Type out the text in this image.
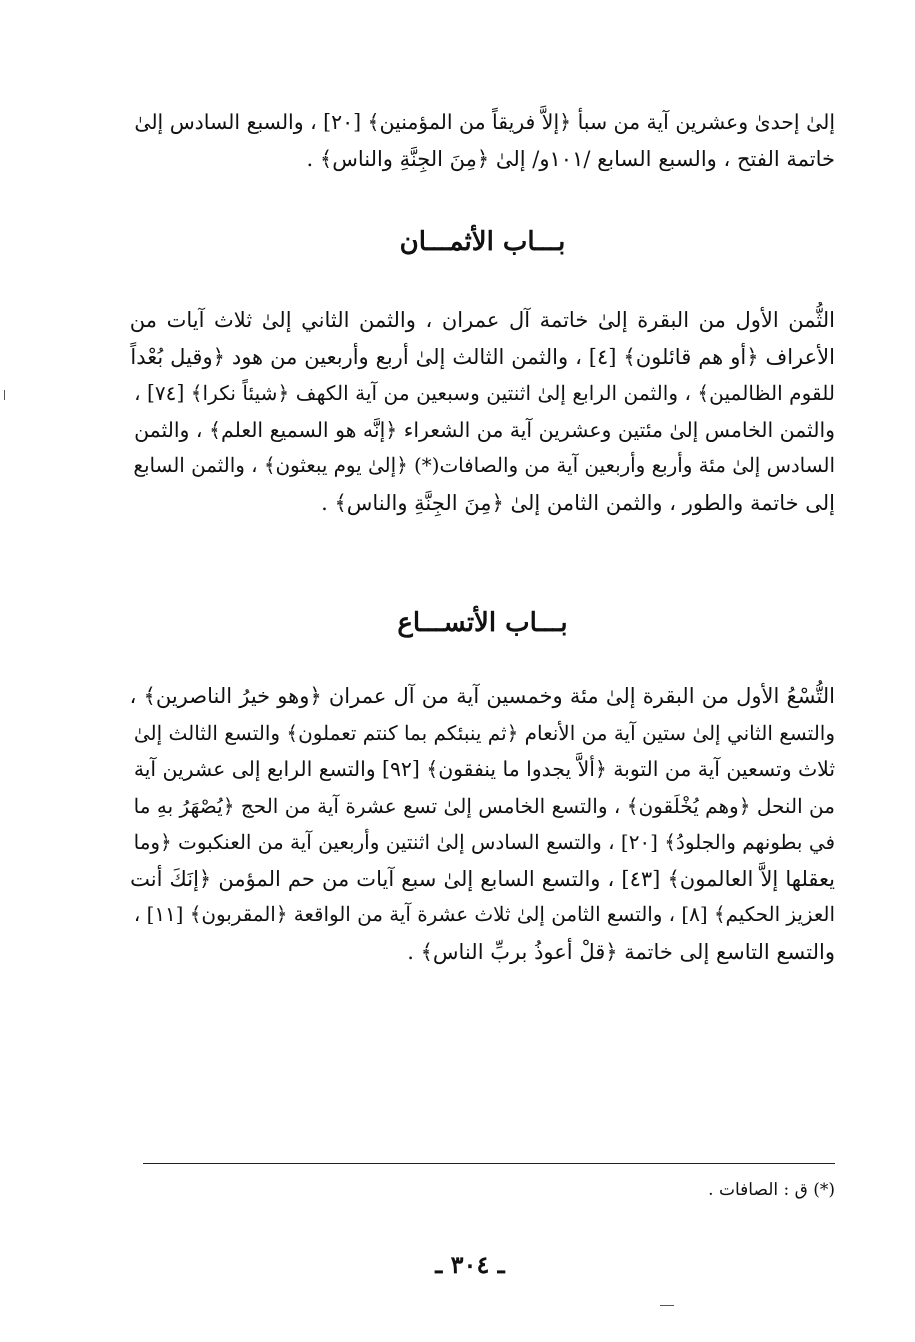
إلىٰ إحدىٰ وعشرين آية من سبأ ﴿إلاَّ فريقاً من المؤمنين﴾ [٢٠] ، والسبع السادس إلىٰ
خاتمة الفتح ، والسبع السابع /١٠١و/ إلىٰ ﴿مِنَ الجِنَّةِ والناس﴾ .
بـــاب الأثمـــان
الثُّمن الأول من البقرة إلىٰ خاتمة آل عمران ، والثمن الثاني إلىٰ ثلاث آيات من
الأعراف ﴿أو هم قائلون﴾ [٤] ، والثمن الثالث إلىٰ أربع وأربعين من هود ﴿وقيل بُعْداً
للقوم الظالمين﴾ ، والثمن الرابع إلىٰ اثنتين وسبعين من آية الكهف ﴿شيئاً نكرا﴾ [٧٤] ،
والثمن الخامس إلىٰ مئتين وعشرين آية من الشعراء ﴿إنَّه هو السميع العلم﴾ ، والثمن
السادس إلىٰ مئة وأربع وأربعين آية من والصافات(*) ﴿إلىٰ يوم يبعثون﴾ ، والثمن السابع
إلى خاتمة والطور ، والثمن الثامن إلىٰ ﴿مِنَ الجِنَّةِ والناس﴾ .
بـــاب الأتســـاع
التُّسْعُ الأول من البقرة إلىٰ مئة وخمسين آية من آل عمران ﴿وهو خيرُ الناصرين﴾ ،
والتسع الثاني إلىٰ ستين آية من الأنعام ﴿ثم ينبئكم بما كنتم تعملون﴾ والتسع الثالث إلىٰ
ثلاث وتسعين آية من التوبة ﴿ألاَّ يجدوا ما ينفقون﴾ [٩٢] والتسع الرابع إلى عشرين آية
من النحل ﴿وهم يُخْلَقون﴾ ، والتسع الخامس إلىٰ تسع عشرة آية من الحج ﴿يُصْهَرُ بهِ ما
في بطونهم والجلودُ﴾ [٢٠] ، والتسع السادس إلىٰ اثنتين وأربعين آية من العنكبوت ﴿وما
يعقلها إلاَّ العالمون﴾ [٤٣] ، والتسع السابع إلىٰ سبع آيات من حم المؤمن ﴿إنَكَ أنت
العزيز الحكيم﴾ [٨] ، والتسع الثامن إلىٰ ثلاث عشرة آية من الواقعة ﴿المقربون﴾ [١١] ،
والتسع التاسع إلى خاتمة ﴿قلْ أعوذُ بربِّ الناس﴾ .
(*) ق : الصافات .
ـ ٣٠٤ ـ
